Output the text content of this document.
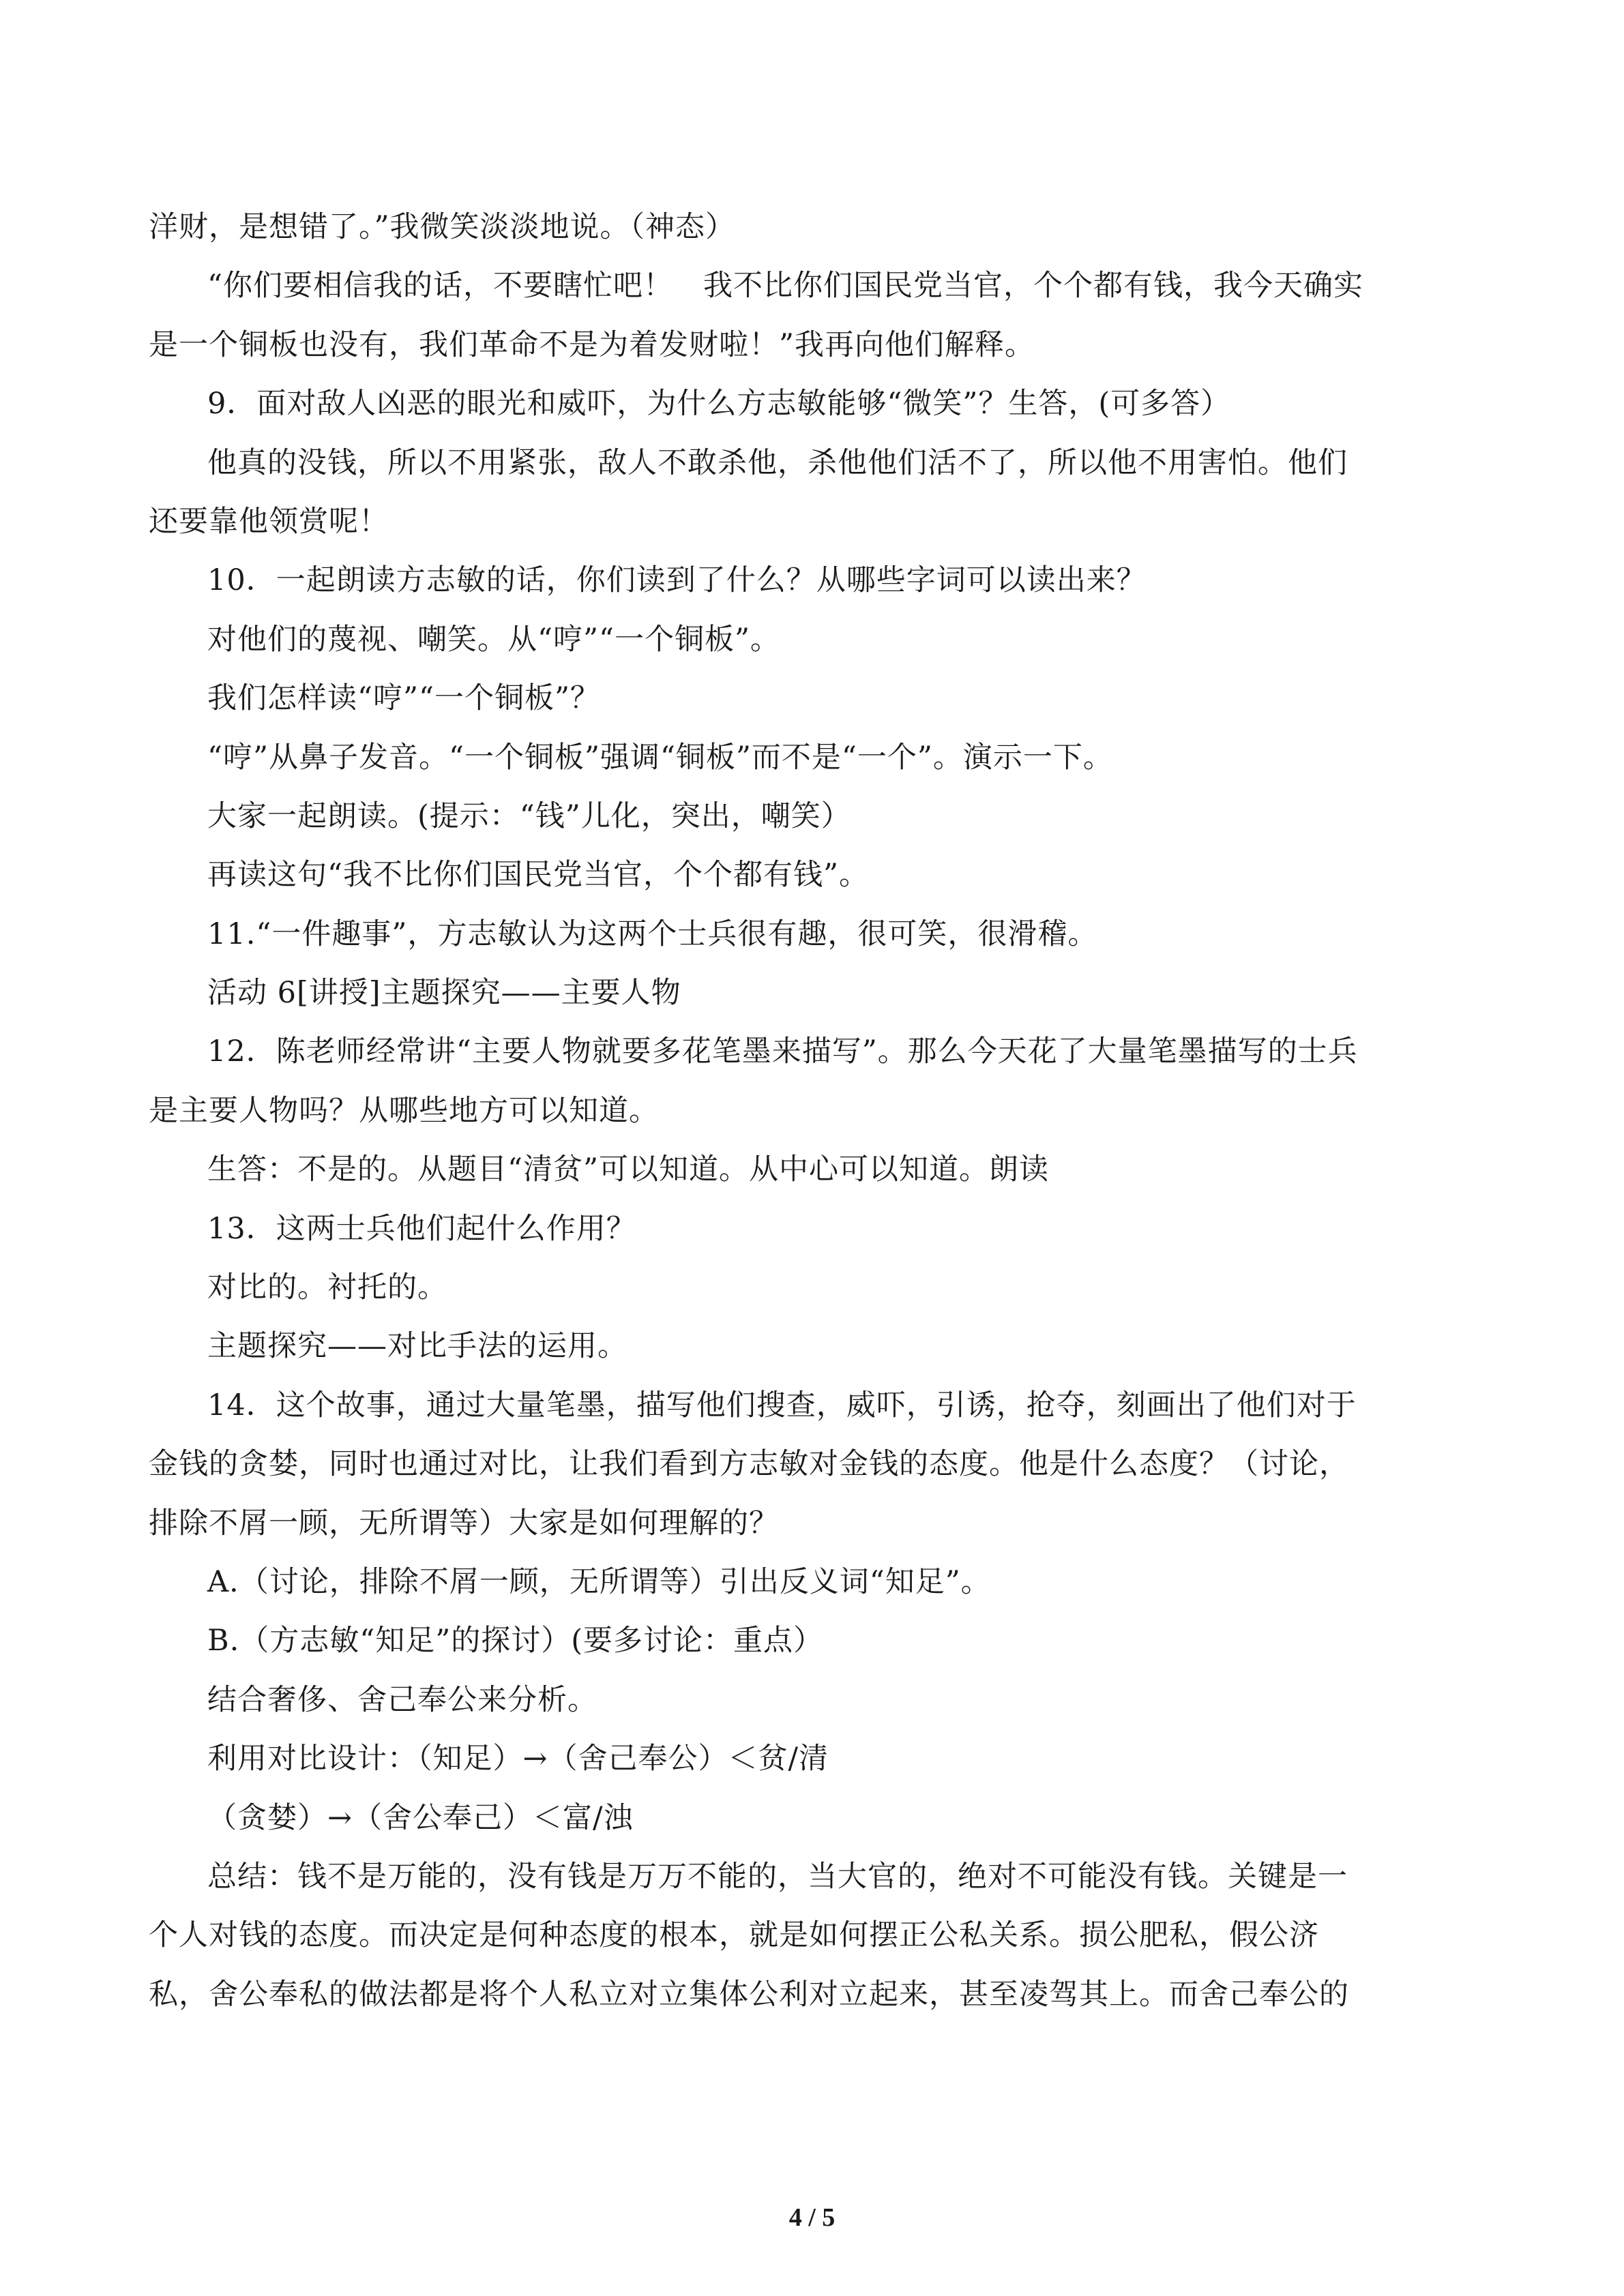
洋财，是想错了。”我微笑淡淡地说。（神态）
“你们要相信我的话，不要瞎忙吧！　我不比你们国民党当官，个个都有钱，我今天确实
是一个铜板也没有，我们革命不是为着发财啦！”我再向他们解释。
9．面对敌人凶恶的眼光和威吓，为什么方志敏能够“微笑”？生答，(可多答）
他真的没钱，所以不用紧张，敌人不敢杀他，杀他他们活不了，所以他不用害怕。他们
还要靠他领赏呢！
10．一起朗读方志敏的话，你们读到了什么？从哪些字词可以读出来？
对他们的蔑视、嘲笑。从“哼”“一个铜板”。
我们怎样读“哼”“一个铜板”？
“哼”从鼻子发音。“一个铜板”强调“铜板”而不是“一个”。演示一下。
大家一起朗读。(提示：“钱”儿化，突出，嘲笑）
再读这句“我不比你们国民党当官，个个都有钱”。
11.“一件趣事”，方志敏认为这两个士兵很有趣，很可笑，很滑稽。
活动 6[讲授]主题探究——主要人物
12．陈老师经常讲“主要人物就要多花笔墨来描写”。那么今天花了大量笔墨描写的士兵
是主要人物吗？从哪些地方可以知道。
生答：不是的。从题目“清贫”可以知道。从中心可以知道。朗读
13．这两士兵他们起什么作用？
对比的。衬托的。
主题探究——对比手法的运用。
14．这个故事，通过大量笔墨，描写他们搜查，威吓，引诱，抢夺，刻画出了他们对于
金钱的贪婪，同时也通过对比，让我们看到方志敏对金钱的态度。他是什么态度？（讨论，
排除不屑一顾，无所谓等）大家是如何理解的？
A.（讨论，排除不屑一顾，无所谓等）引出反义词“知足”。
B.（方志敏“知足”的探讨）(要多讨论：重点）
结合奢侈、舍己奉公来分析。
利用对比设计：（知足）→（舍己奉公）＜贫/清
（贪婪）→（舍公奉己）＜富/浊
总结：钱不是万能的，没有钱是万万不能的，当大官的，绝对不可能没有钱。关键是一
个人对钱的态度。而决定是何种态度的根本，就是如何摆正公私关系。损公肥私，假公济
私，舍公奉私的做法都是将个人私立对立集体公利对立起来，甚至凌驾其上。而舍己奉公的
4 / 5
